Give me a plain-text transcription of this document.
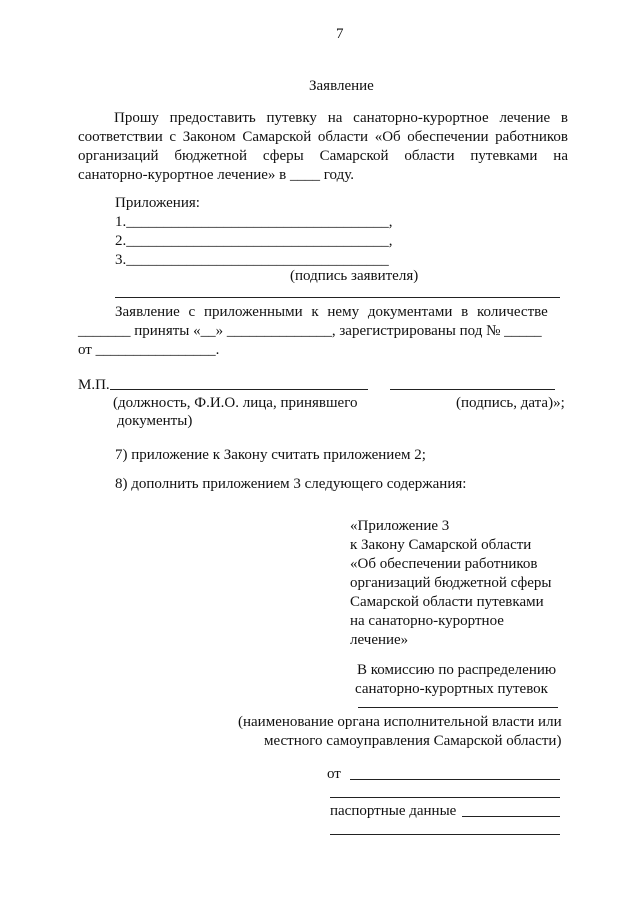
7
Заявление
Прошу предоставить путевку на санаторно-курортное лечение в соответствии с Законом Самарской области «Об обеспечении работников организаций бюджетной сферы Самарской области путевками на санаторно-курортное лечение» в ____ году.
Приложения:
1.___________________________________,
2.___________________________________,
3.___________________________________
(подпись заявителя)
Заявление с приложенными к нему документами в количестве
_______ приняты «__» ______________, зарегистрированы под № _____
от ________________.
М.П.
(должность, Ф.И.О. лица, принявшего	(подпись, дата)»;
документы)
7) приложение к Закону считать приложением 2;
8) дополнить приложением 3 следующего содержания:
«Приложение 3
к Закону Самарской области
«Об обеспечении работников
организаций бюджетной сферы
Самарской области путевками
на санаторно-курортное
лечение»
В комиссию по распределению
санаторно-курортных путевок
(наименование органа исполнительной власти или
местного самоуправления Самарской области)
от
паспортные данные
